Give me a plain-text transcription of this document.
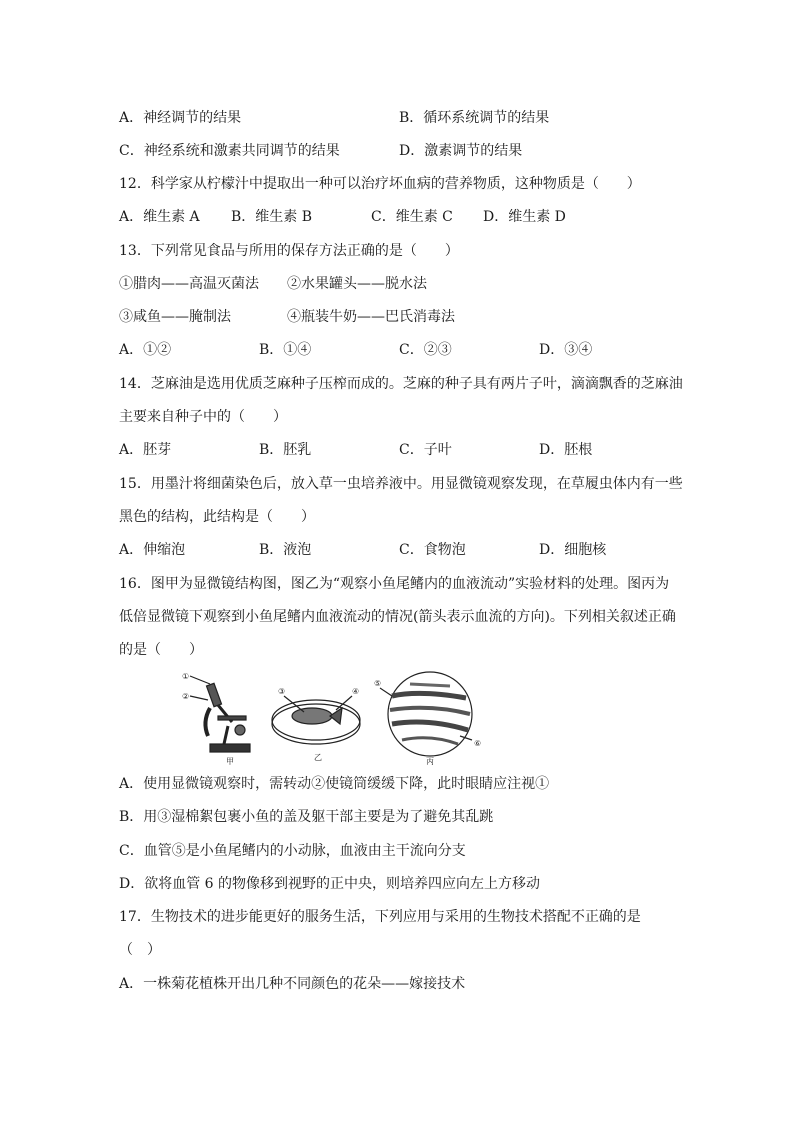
A．神经调节的结果	B．循环系统调节的结果
C．神经系统和激素共同调节的结果	D．激素调节的结果
12．科学家从柠檬汁中提取出一种可以治疗坏血病的营养物质，这种物质是（　　）
A．维生素 A B．维生素 B	C．维生素 C D．维生素 D
13．下列常见食品与所用的保存方法正确的是（　　）
①腊肉——高温灭菌法 ②水果罐头——脱水法
③咸鱼——腌制法	④瓶装牛奶——巴氏消毒法
A．①②	B．①④	C．②③	D．③④
14．芝麻油是选用优质芝麻种子压榨而成的。芝麻的种子具有两片子叶，滴滴飘香的芝麻油
主要来自种子中的（　　）
A．胚芽	B．胚乳	C．子叶	D．胚根
15．用墨汁将细菌染色后，放入草一虫培养液中。用显微镜观察发现，在草履虫体内有一些
黑色的结构，此结构是（　　）
A．伸缩泡	B．液泡	C．食物泡	D．细胞核
16．图甲为显微镜结构图，图乙为“观察小鱼尾鳍内的血液流动”实验材料的处理。图丙为
低倍显微镜下观察到小鱼尾鳍内血液流动的情况(箭头表示血流的方向)。下列相关叙述正确
的是（　　）
①
②
甲
③	④
乙
⑤
⑥
丙
A．使用显微镜观察时，需转动②使镜筒缓缓下降，此时眼睛应注视①
B．用③湿棉絮包裹小鱼的盖及躯干部主要是为了避免其乱跳
C．血管⑤是小鱼尾鳍内的小动脉，血液由主干流向分支
D．欲将血管 6 的物像移到视野的正中央，则培养四应向左上方移动
17．生物技术的进步能更好的服务生活，下列应用与采用的生物技术搭配不正确的是
（　）
A．一株菊花植株开出几种不同颜色的花朵——嫁接技术
